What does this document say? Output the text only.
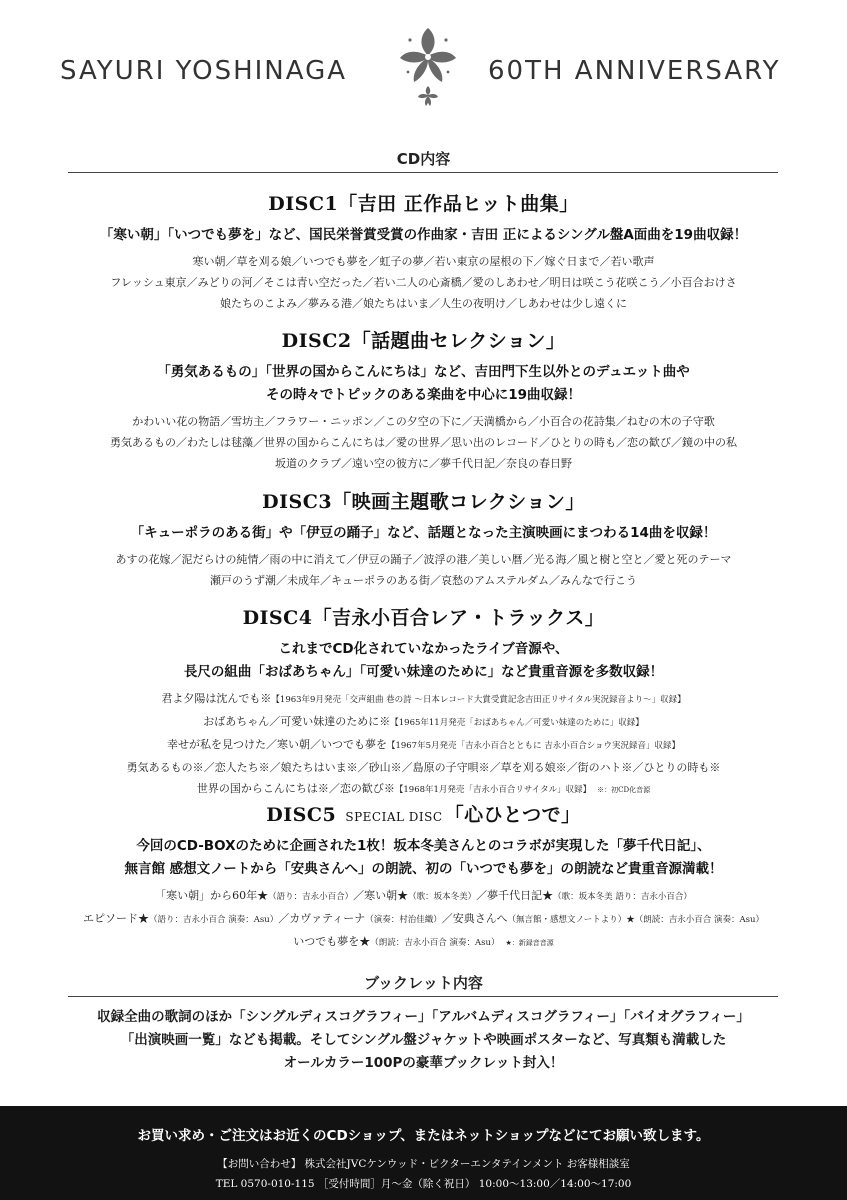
SAYURI YOSHINAGA	60TH ANNIVERSARY
CD内容
DISC1「吉田 正作品ヒット曲集」
「寒い朝」「いつでも夢を」など、国民栄誉賞受賞の作曲家・吉田 正によるシングル盤A面曲を19曲収録！
寒い朝／草を刈る娘／いつでも夢を／虹子の夢／若い東京の屋根の下／嫁ぐ日まで／若い歌声
フレッシュ東京／みどりの河／そこは青い空だった／若い二人の心斎橋／愛のしあわせ／明日は咲こう花咲こう／小百合おけさ
娘たちのこよみ／夢みる港／娘たちはいま／人生の夜明け／しあわせは少し遠くに
DISC2「話題曲セレクション」
「勇気あるもの」「世界の国からこんにちは」など、吉田門下生以外とのデュエット曲や
その時々でトピックのある楽曲を中心に19曲収録！
かわいい花の物語／雪坊主／フラワー・ニッポン／この夕空の下に／天満橋から／小百合の花詩集／ねむの木の子守歌
勇気あるもの／わたしは毬藻／世界の国からこんにちは／愛の世界／思い出のレコード／ひとりの時も／恋の歓び／鏡の中の私
坂道のクラブ／遠い空の彼方に／夢千代日記／奈良の春日野
DISC3「映画主題歌コレクション」
「キューポラのある街」や「伊豆の踊子」など、話題となった主演映画にまつわる14曲を収録！
あすの花嫁／泥だらけの純情／雨の中に消えて／伊豆の踊子／波浮の港／美しい暦／光る海／風と樹と空と／愛と死のテーマ
瀬戸のうず潮／未成年／キューポラのある街／哀愁のアムステルダム／みんなで行こう
DISC4「吉永小百合レア・トラックス」
これまでCD化されていなかったライブ音源や、
長尺の組曲「おばあちゃん」「可愛い妹達のために」など貴重音源を多数収録！
君よ夕陽は沈んでも※【1963年9月発売「交声組曲 巷の詩 ～日本レコード大賞受賞記念吉田正リサイタル実況録音より～」収録】
おばあちゃん／可愛い妹達のために※【1965年11月発売「おばあちゃん／可愛い妹達のために」収録】
幸せが私を見つけた／寒い朝／いつでも夢を【1967年5月発売「吉永小百合とともに 吉永小百合ショウ実況録音」収録】
勇気あるもの※／恋人たち※／娘たちはいま※／砂山※／島原の子守唄※／草を刈る娘※／街のハト※／ひとりの時も※
世界の国からこんにちは※／恋の歓び※【1968年1月発売「吉永小百合リサイタル」収録】 ※：初CD化音源
DISC5 SPECIAL DISC 「心ひとつで」
今回のCD-BOXのために企画された1枚！坂本冬美さんとのコラボが実現した「夢千代日記」、
無言館 感想文ノートから「安典さんへ」の朗読、初の「いつでも夢を」の朗読など貴重音源満載！
「寒い朝」から60年★（語り：吉永小百合）／寒い朝★（歌：坂本冬美）／夢千代日記★（歌：坂本冬美 語り：吉永小百合）
エピソード★（語り：吉永小百合 演奏：Asu）／カヴァティーナ（演奏：村治佳織）／安典さんへ（無言館・感想文ノートより）★（朗読：吉永小百合 演奏：Asu）
いつでも夢を★（朗読：吉永小百合 演奏：Asu） ★：新録音音源
ブックレット内容
収録全曲の歌詞のほか「シングルディスコグラフィー」「アルバムディスコグラフィー」「バイオグラフィー」
「出演映画一覧」なども掲載。そしてシングル盤ジャケットや映画ポスターなど、写真類も満載した
オールカラー100Pの豪華ブックレット封入！
お買い求め・ご注文はお近くのCDショップ、またはネットショップなどにてお願い致します。
【お問い合わせ】 株式会社JVCケンウッド・ビクターエンタテインメント お客様相談室
TEL 0570-010-115 ［受付時間］月～金（除く祝日） 10:00～13:00／14:00～17:00
